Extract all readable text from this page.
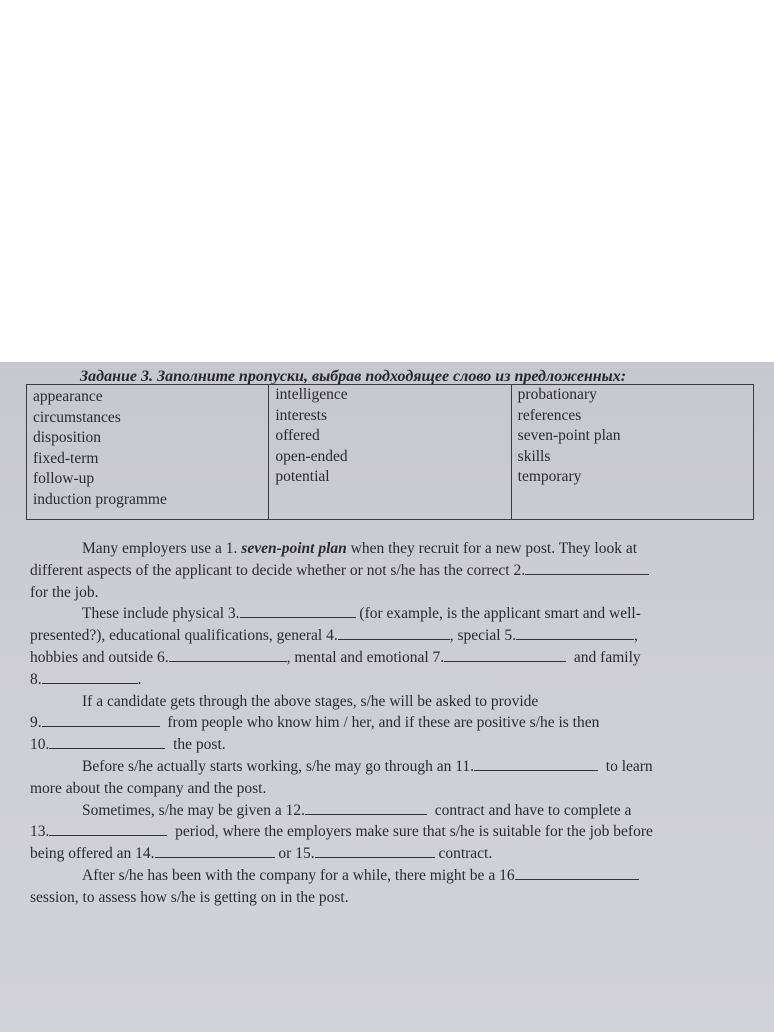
Задание 3. Заполните пропуски, выбрав подходящее слово из предложенных:
appearance
circumstances
disposition
fixed-term
follow-up
induction programme

intelligence
interests
offered
open-ended
potential

probationary
references
seven-point plan
skills
temporary
Many employers use a 1. seven-point plan when they recruit for a new post. They look at
different aspects of the applicant to decide whether or not s/he has the correct 2.
for the job.
These include physical 3.	(for example, is the applicant smart and well-
presented?), educational qualifications, general 4.	, special 5.	,
hobbies and outside 6.	, mental and emotional 7.	and family
8.	.
If a candidate gets through the above stages, s/he will be asked to provide
9.	from people who know him / her, and if these are positive s/he is then
10.	the post.
Before s/he actually starts working, s/he may go through an 11.	to learn
more about the company and the post.
Sometimes, s/he may be given a 12.	contract and have to complete a
13.	period, where the employers make sure that s/he is suitable for the job before
being offered an 14.	or 15.	contract.
After s/he has been with the company for a while, there might be a 16
session, to assess how s/he is getting on in the post.
